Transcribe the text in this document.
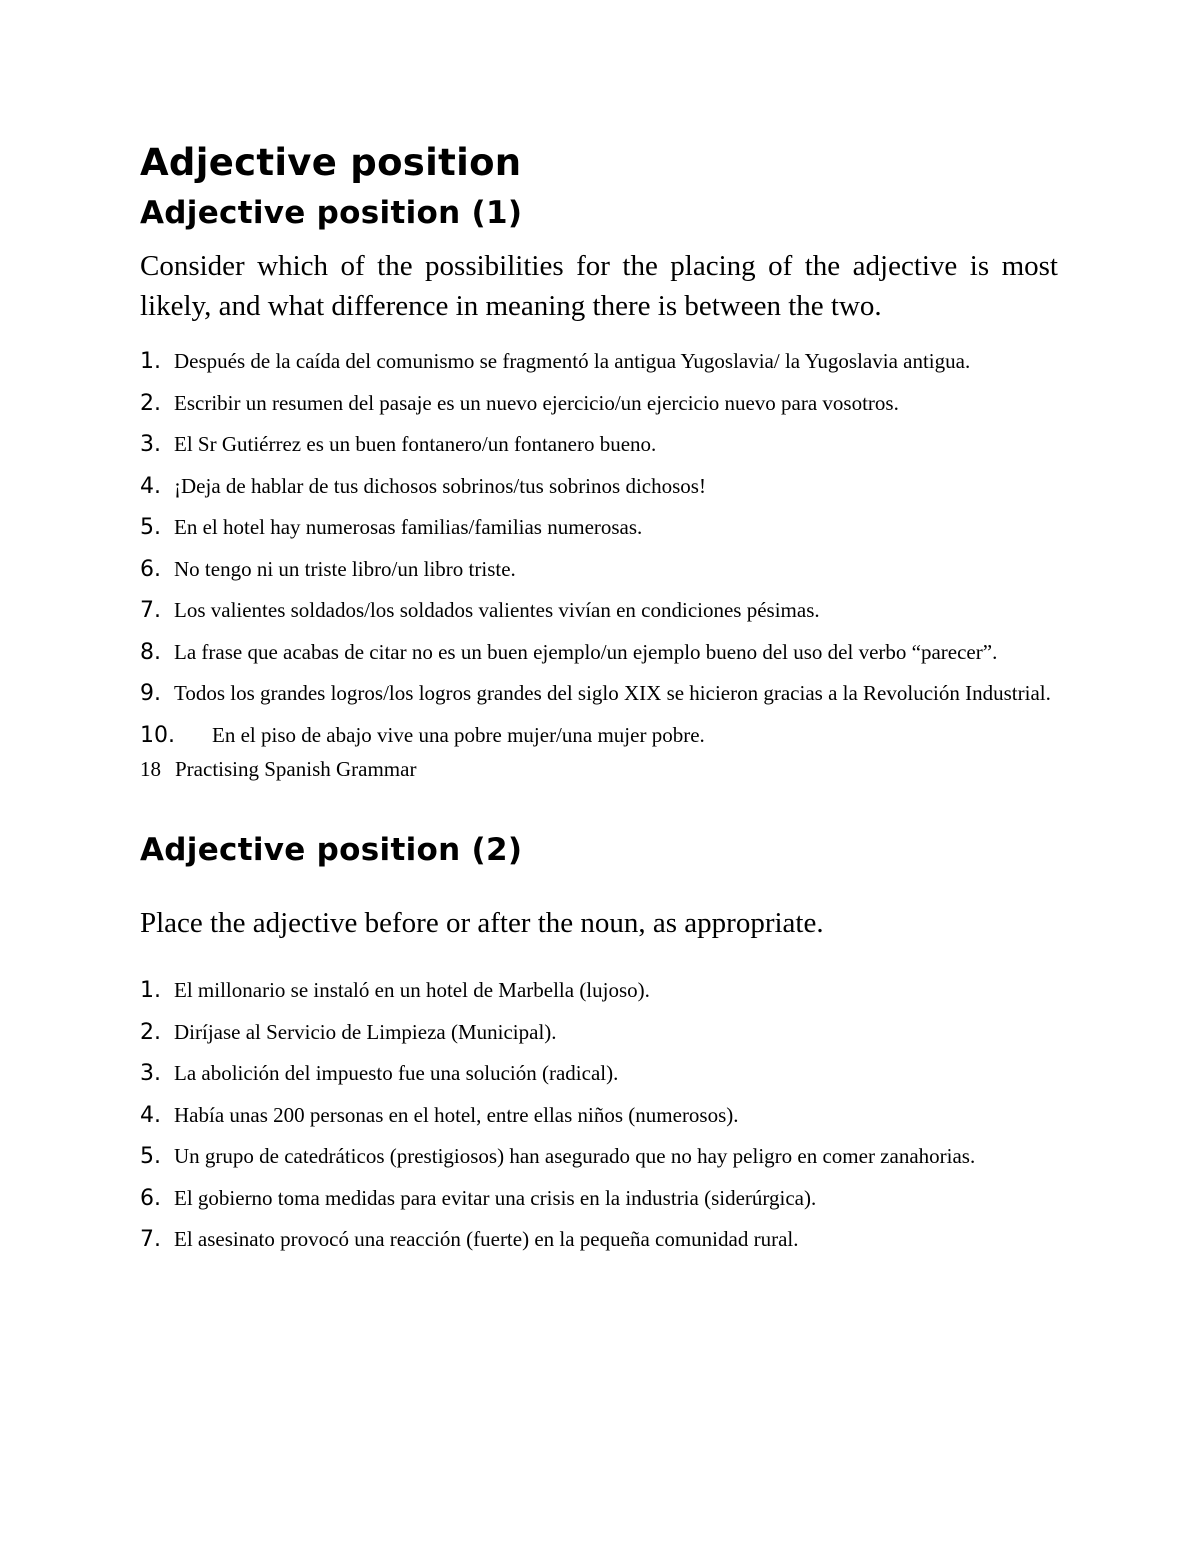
Adjective position
Adjective position (1)

Consider which of the possibilities for the placing of the adjective is most likely, and what difference in meaning there is between the two.

1. Después de la caída del comunismo se fragmentó la antigua Yugoslavia/ la Yugoslavia antigua.
2. Escribir un resumen del pasaje es un nuevo ejercicio/un ejercicio nuevo para vosotros.
3. El Sr Gutiérrez es un buen fontanero/un fontanero bueno.
4. ¡Deja de hablar de tus dichosos sobrinos/tus sobrinos dichosos!
5. En el hotel hay numerosas familias/familias numerosas.
6. No tengo ni un triste libro/un libro triste.
7. Los valientes soldados/los soldados valientes vivían en condiciones pésimas.
8. La frase que acabas de citar no es un buen ejemplo/un ejemplo bueno del uso del verbo “parecer”.
9. Todos los grandes logros/los logros grandes del siglo XIX se hicieron gracias a la Revolución Industrial.
10.	En el piso de abajo vive una pobre mujer/una mujer pobre.

18 Practising Spanish Grammar

Adjective position (2)

Place the adjective before or after the noun, as appropriate.

1. El millonario se instaló en un hotel de Marbella (lujoso).
2. Diríjase al Servicio de Limpieza (Municipal).
3. La abolición del impuesto fue una solución (radical).
4. Había unas 200 personas en el hotel, entre ellas niños (numerosos).
5. Un grupo de catedráticos (prestigiosos) han asegurado que no hay peligro en comer zanahorias.
6. El gobierno toma medidas para evitar una crisis en la industria (siderúrgica).
7. El asesinato provocó una reacción (fuerte) en la pequeña comunidad rural.
